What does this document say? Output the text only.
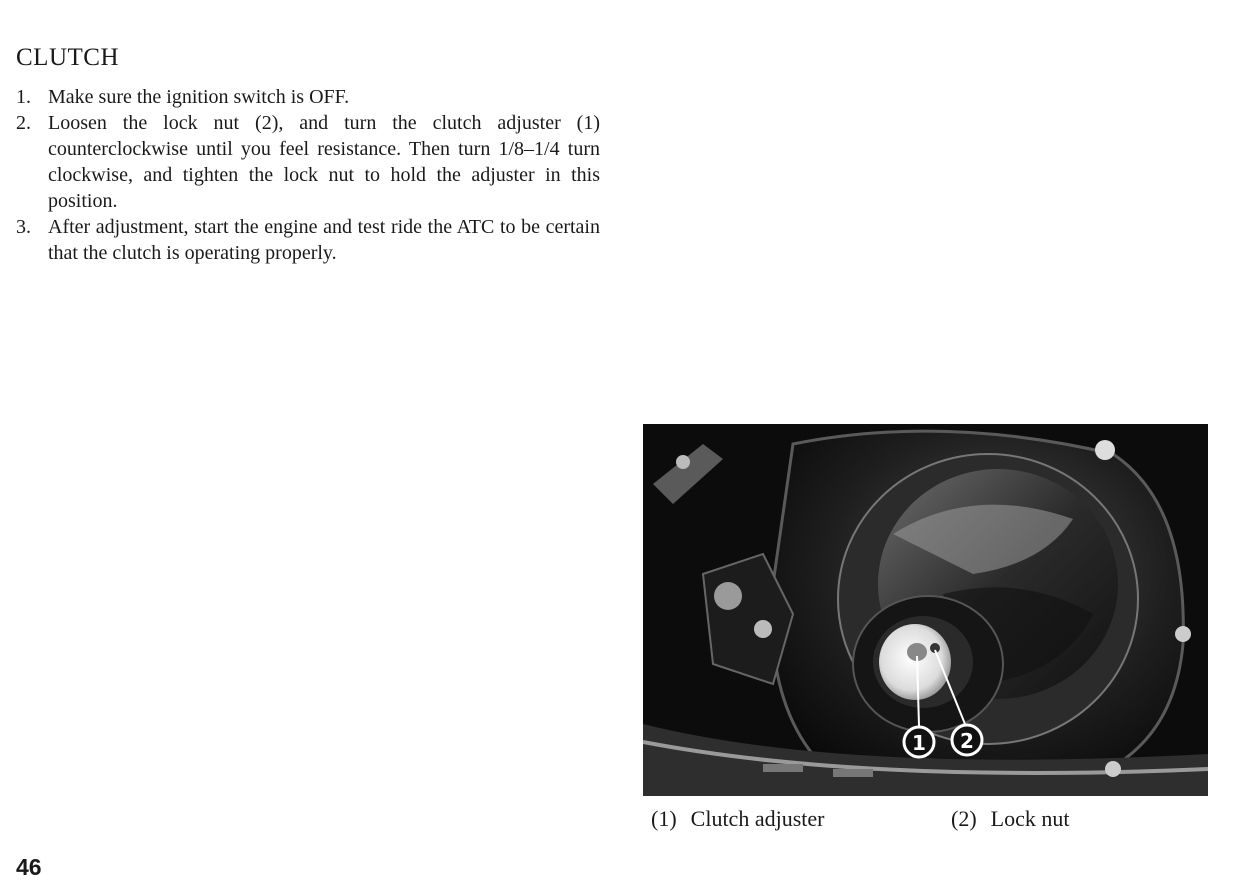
CLUTCH
1. Make sure the ignition switch is OFF.
2. Loosen the lock nut (2), and turn the clutch adjuster (1) counterclockwise until you feel resistance. Then turn 1/8–1/4 turn clockwise, and tighten the lock nut to hold the adjuster in this position.
3. After adjustment, start the engine and test ride the ATC to be certain that the clutch is operating properly.
1 2
(1) Clutch adjuster	(2) Lock nut
46
